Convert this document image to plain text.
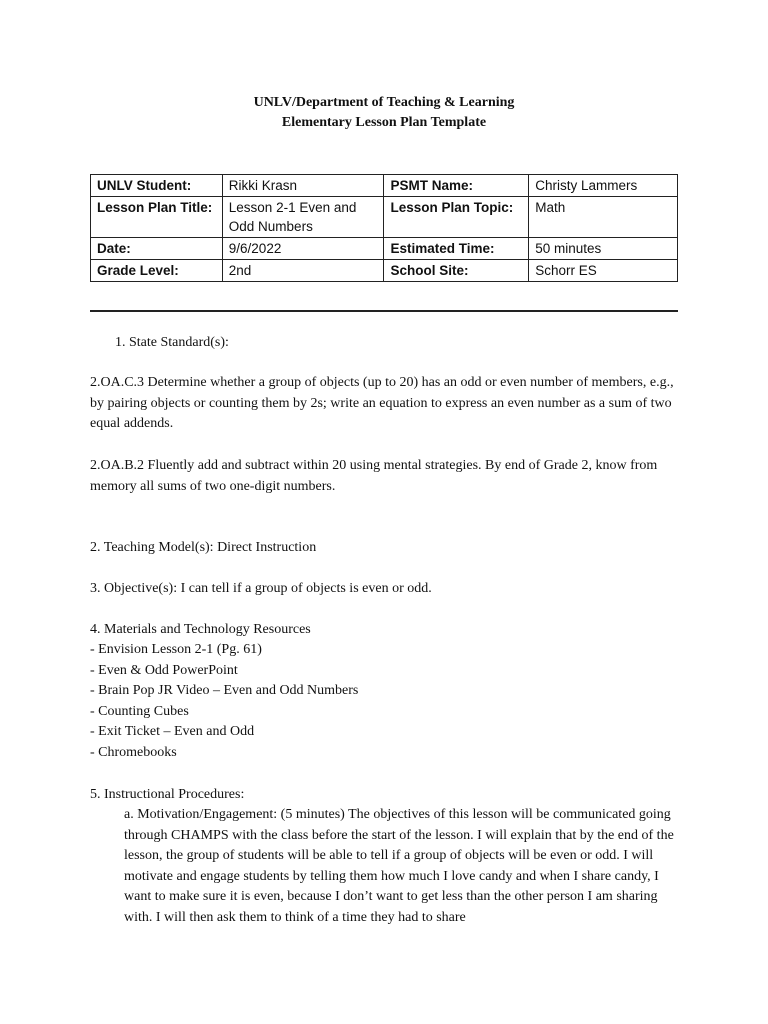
UNLV/Department of Teaching & Learning
Elementary Lesson Plan Template
UNLV Student:	Rikki Krasn	PSMT Name:	Christy Lammers
Lesson Plan Title:	Lesson 2-1 Even and Odd Numbers	Lesson Plan Topic:	Math
Date:	9/6/2022	Estimated Time:	50 minutes
Grade Level:	2nd	School Site:	Schorr ES
1. State Standard(s):
2.OA.C.3 Determine whether a group of objects (up to 20) has an odd or even number of members, e.g., by pairing objects or counting them by 2s; write an equation to express an even number as a sum of two equal addends.
2.OA.B.2 Fluently add and subtract within 20 using mental strategies. By end of Grade 2, know from memory all sums of two one-digit numbers.
2. Teaching Model(s): Direct Instruction
3. Objective(s): I can tell if a group of objects is even or odd.
4. Materials and Technology Resources
- Envision Lesson 2-1 (Pg. 61)
- Even & Odd PowerPoint
- Brain Pop JR Video – Even and Odd Numbers
- Counting Cubes
- Exit Ticket – Even and Odd
- Chromebooks
5. Instructional Procedures:
a. Motivation/Engagement: (5 minutes) The objectives of this lesson will be communicated going through CHAMPS with the class before the start of the lesson. I will explain that by the end of the lesson, the group of students will be able to tell if a group of objects will be even or odd. I will motivate and engage students by telling them how much I love candy and when I share candy, I want to make sure it is even, because I don’t want to get less than the other person I am sharing with. I will then ask them to think of a time they had to share
